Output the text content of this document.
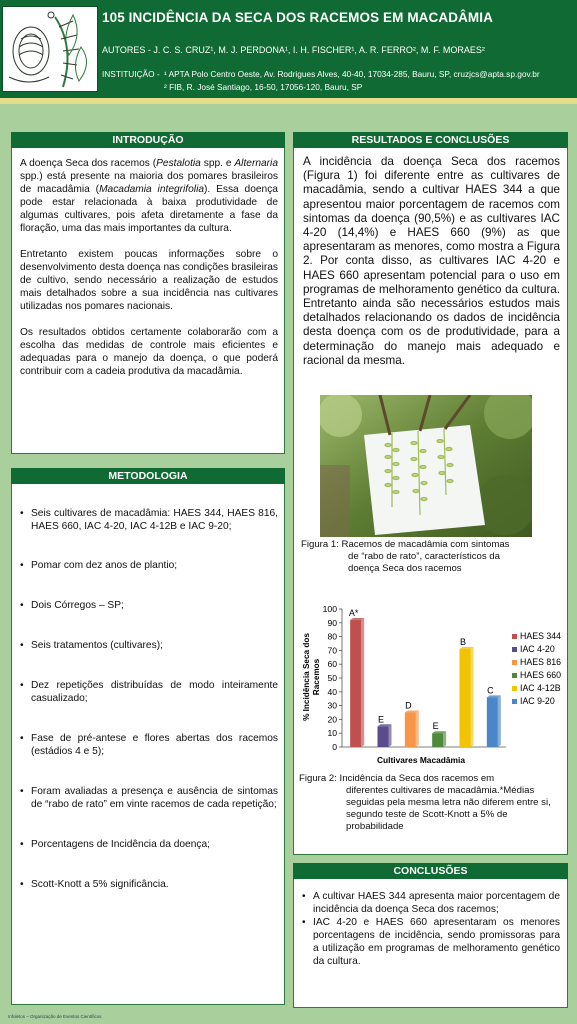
105 INCIDÊNCIA DA SECA DOS RACEMOS EM MACADÂMIA
AUTORES - J. C. S. CRUZ¹, M. J. PERDONA¹, I. H. FISCHER¹, A. R. FERRO², M. F. MORAES²
INSTITUIÇÃO - ¹ APTA Polo Centro Oeste, Av. Rodrigues Alves, 40-40, 17034-285, Bauru, SP, cruzjcs@apta.sp.gov.br
² FIB, R. José Santiago, 16-50, 17056-120, Bauru, SP
INTRODUÇÃO

A doença Seca dos racemos (Pestalotia spp. e Alternaria spp.) está presente na maioria dos pomares brasileiros de macadâmia (Macadamia integrifolia). Essa doença pode estar relacionada à baixa produtividade de algumas cultivares, pois afeta diretamente a fase da floração, uma das mais importantes da cultura.

Entretanto existem poucas informações sobre o desenvolvimento desta doença nas condições brasileiras de cultivo, sendo necessário a realização de estudos mais detalhados sobre a sua incidência nas cultivares utilizadas nos pomares nacionais.

Os resultados obtidos certamente colaborarão com a escolha das medidas de controle mais eficientes e adequadas para o manejo da doença, o que poderá contribuir com a cadeia produtiva da macadâmia.

METODOLOGIA
• Seis cultivares de macadâmia: HAES 344, HAES 816, HAES 660, IAC 4-20, IAC 4-12B e IAC 9-20;
• Pomar com dez anos de plantio;
• Dois Córregos – SP;
• Seis tratamentos (cultivares);
• Dez repetições distribuídas de modo inteiramente casualizado;
• Fase de pré-antese e flores abertas dos racemos (estádios 4 e 5);
• Foram avaliadas a presença e ausência de sintomas de “rabo de rato” em vinte racemos de cada repetição;
• Porcentagens de Incidência da doença;
• Scott-Knott a 5% significância.
RESULTADOS E CONCLUSÕES
A incidência da doença Seca dos racemos (Figura 1) foi diferente entre as cultivares de macadâmia, sendo a cultivar HAES 344 a que apresentou maior porcentagem de racemos com sintomas da doença (90,5%) e as cultivares IAC 4-20 (14,4%) e HAES 660 (9%) as que apresentaram as menores, como mostra a Figura 2. Por conta disso, as cultivares IAC 4-20 e HAES 660 apresentam potencial para o uso em programas de melhoramento genético da cultura. Entretanto ainda são necessários estudos mais detalhados relacionando os dados de incidência desta doença com os de produtividade, para a determinação do manejo mais adequado e racional da mesma.
Figura 1: Racemos de macadâmia com sintomas
de “rabo de rato”, característicos da
doença Seca dos racemos
% Incidência Seca dos Racemos
0
10
20
30
40
50
60
70
80
90
100 A*
E
D
E
B
C
HAES 344
IAC 4-20
HAES 816
HAES 660
IAC 4-12B
IAC 9-20
Cultivares Macadâmia
Figura 2: Incidência da Seca dos racemos em
diferentes cultivares de macadâmia.*Médias seguidas pela mesma letra não diferem entre si, segundo teste de Scott-Knott a 5% de probabilidade
CONCLUSÕES
• A cultivar HAES 344 apresenta maior porcentagem de incidência da doença Seca dos racemos;
• IAC 4-20 e HAES 660 apresentaram os menores porcentagens de incidência, sendo promissoras para a utilização em programas de melhoramento genético da cultura.
Infoletos – Organização de Eventos Científicos
